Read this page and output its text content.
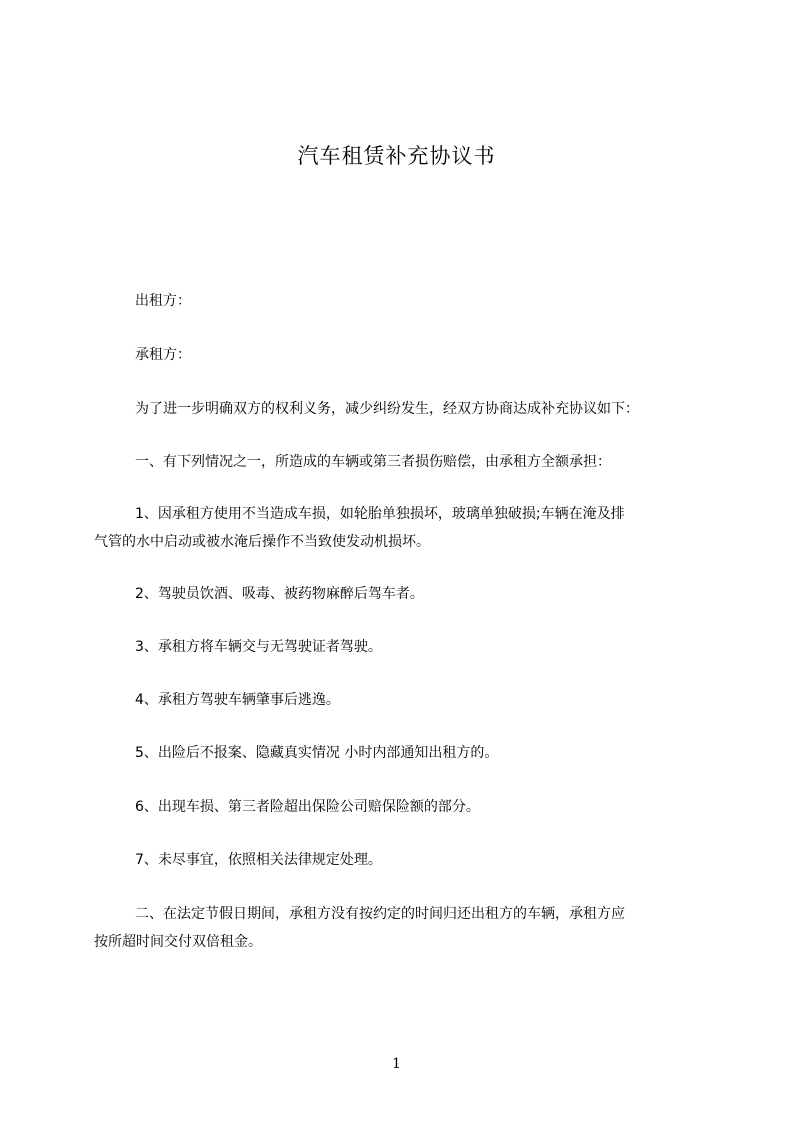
汽车租赁补充协议书
出租方：
承租方：
为了进一步明确双方的权利义务，减少纠纷发生，经双方协商达成补充协议如下：
一、有下列情况之一，所造成的车辆或第三者损伤赔偿，由承租方全额承担：
1、因承租方使用不当造成车损，如轮胎单独损坏，玻璃单独破损;车辆在淹及排
气管的水中启动或被水淹后操作不当致使发动机损坏。
2、驾驶员饮酒、吸毒、被药物麻醉后驾车者。
3、承租方将车辆交与无驾驶证者驾驶。
4、承租方驾驶车辆肇事后逃逸。
5、出险后不报案、隐藏真实情况 小时内部通知出租方的。
6、出现车损、第三者险超出保险公司赔保险额的部分。
7、未尽事宜，依照相关法律规定处理。
二、在法定节假日期间，承租方没有按约定的时间归还出租方的车辆，承租方应
按所超时间交付双倍租金。
1
